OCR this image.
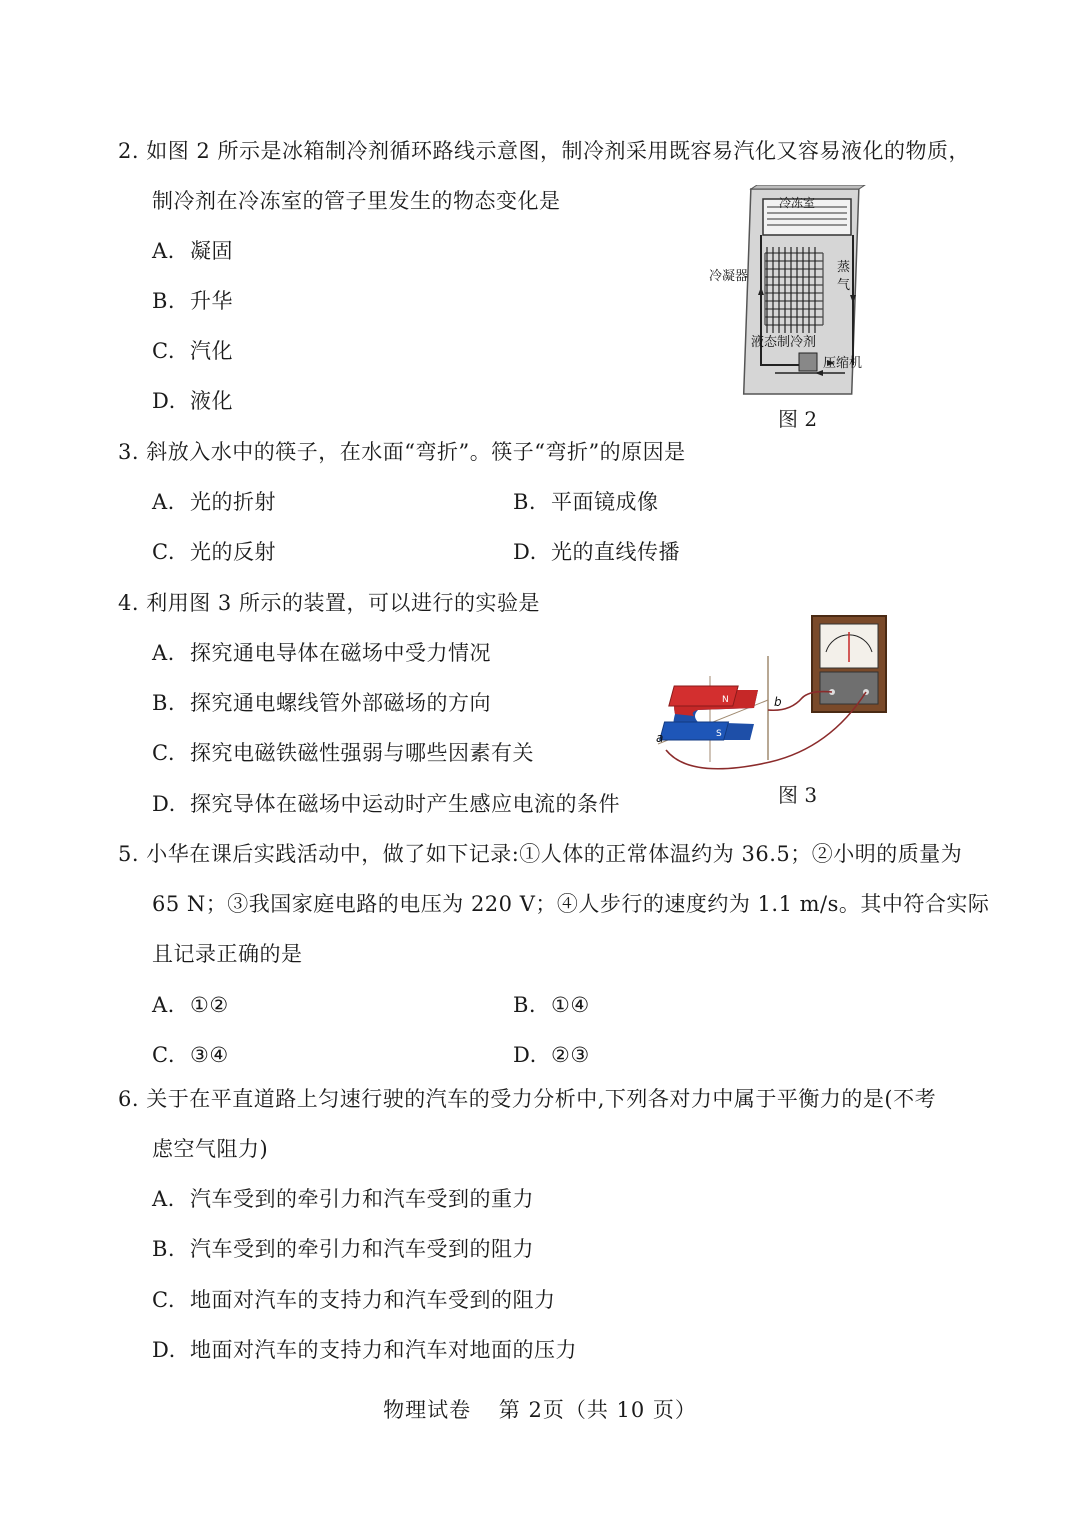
2. 如图 2 所示是冰箱制冷剂循环路线示意图，制冷剂采用既容易汽化又容易液化的物质，
制冷剂在冷冻室的管子里发生的物态变化是
A. 凝固
B. 升华
C. 汽化
D. 液化
冷冻室
冷凝器
蒸
气
液态制冷剂
压缩机
图 2
3. 斜放入水中的筷子，在水面“弯折”。筷子“弯折”的原因是
A. 光的折射	B. 平面镜成像
C. 光的反射	D. 光的直线传播
4. 利用图 3 所示的装置，可以进行的实验是
A. 探究通电导体在磁场中受力情况
B. 探究通电螺线管外部磁场的方向
C. 探究电磁铁磁性强弱与哪些因素有关
D. 探究导体在磁场中运动时产生感应电流的条件
N
S
b
a
图 3
5. 小华在课后实践活动中，做了如下记录:①人体的正常体温约为 36.5；②小明的质量为
65 N；③我国家庭电路的电压为 220 V；④人步行的速度约为 1.1 m/s。其中符合实际
且记录正确的是
A. ①②	B. ①④
C. ③④	D. ②③
6. 关于在平直道路上匀速行驶的汽车的受力分析中,下列各对力中属于平衡力的是(不考
虑空气阻力)
A. 汽车受到的牵引力和汽车受到的重力
B. 汽车受到的牵引力和汽车受到的阻力
C. 地面对汽车的支持力和汽车受到的阻力
D. 地面对汽车的支持力和汽车对地面的压力
物理试卷 第 2页（共 10 页）
